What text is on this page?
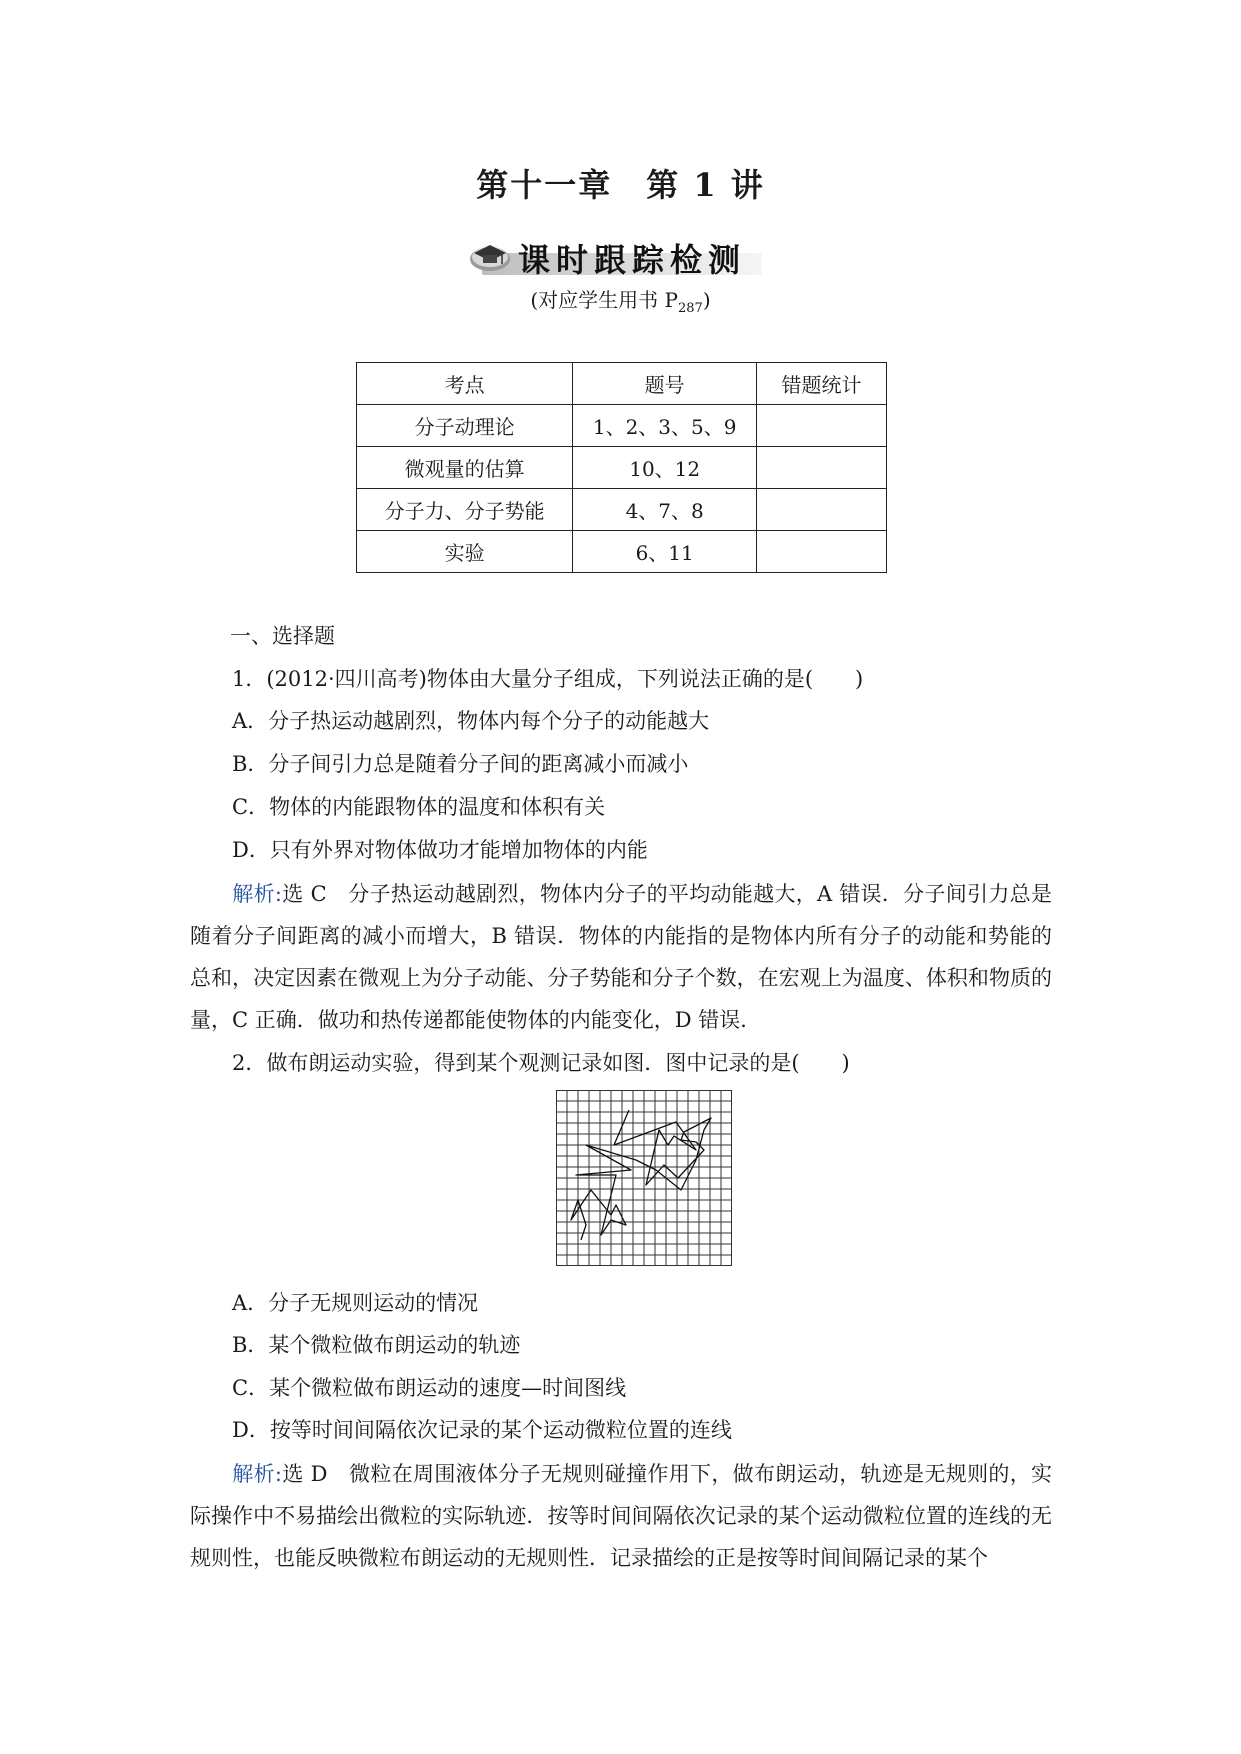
第十一章　第 1 讲
课时跟踪检测
(对应学生用书 $P_{287}$)
考点	题号	错题统计
分子动理论	1、2、3、5、9	
微观量的估算	10、12	
分子力、分子势能	4、7、8	
实验	6、11	
一、选择题
1．(2012·四川高考)物体由大量分子组成，下列说法正确的是(　　)
A．分子热运动越剧烈，物体内每个分子的动能越大
B．分子间引力总是随着分子间的距离减小而减小
C．物体的内能跟物体的温度和体积有关
D．只有外界对物体做功才能增加物体的内能
解析:选 C　分子热运动越剧烈，物体内分子的平均动能越大，A 错误．分子间引力总是随着分子间距离的减小而增大，B 错误．物体的内能指的是物体内所有分子的动能和势能的总和，决定因素在微观上为分子动能、分子势能和分子个数，在宏观上为温度、体积和物质的量，C 正确．做功和热传递都能使物体的内能变化，D 错误．
2．做布朗运动实验，得到某个观测记录如图．图中记录的是(　　)
A．分子无规则运动的情况
B．某个微粒做布朗运动的轨迹
C．某个微粒做布朗运动的速度—时间图线
D．按等时间间隔依次记录的某个运动微粒位置的连线
解析:选 D　微粒在周围液体分子无规则碰撞作用下，做布朗运动，轨迹是无规则的，实际操作中不易描绘出微粒的实际轨迹．按等时间间隔依次记录的某个运动微粒位置的连线的无规则性，也能反映微粒布朗运动的无规则性．记录描绘的正是按等时间间隔记录的某个
